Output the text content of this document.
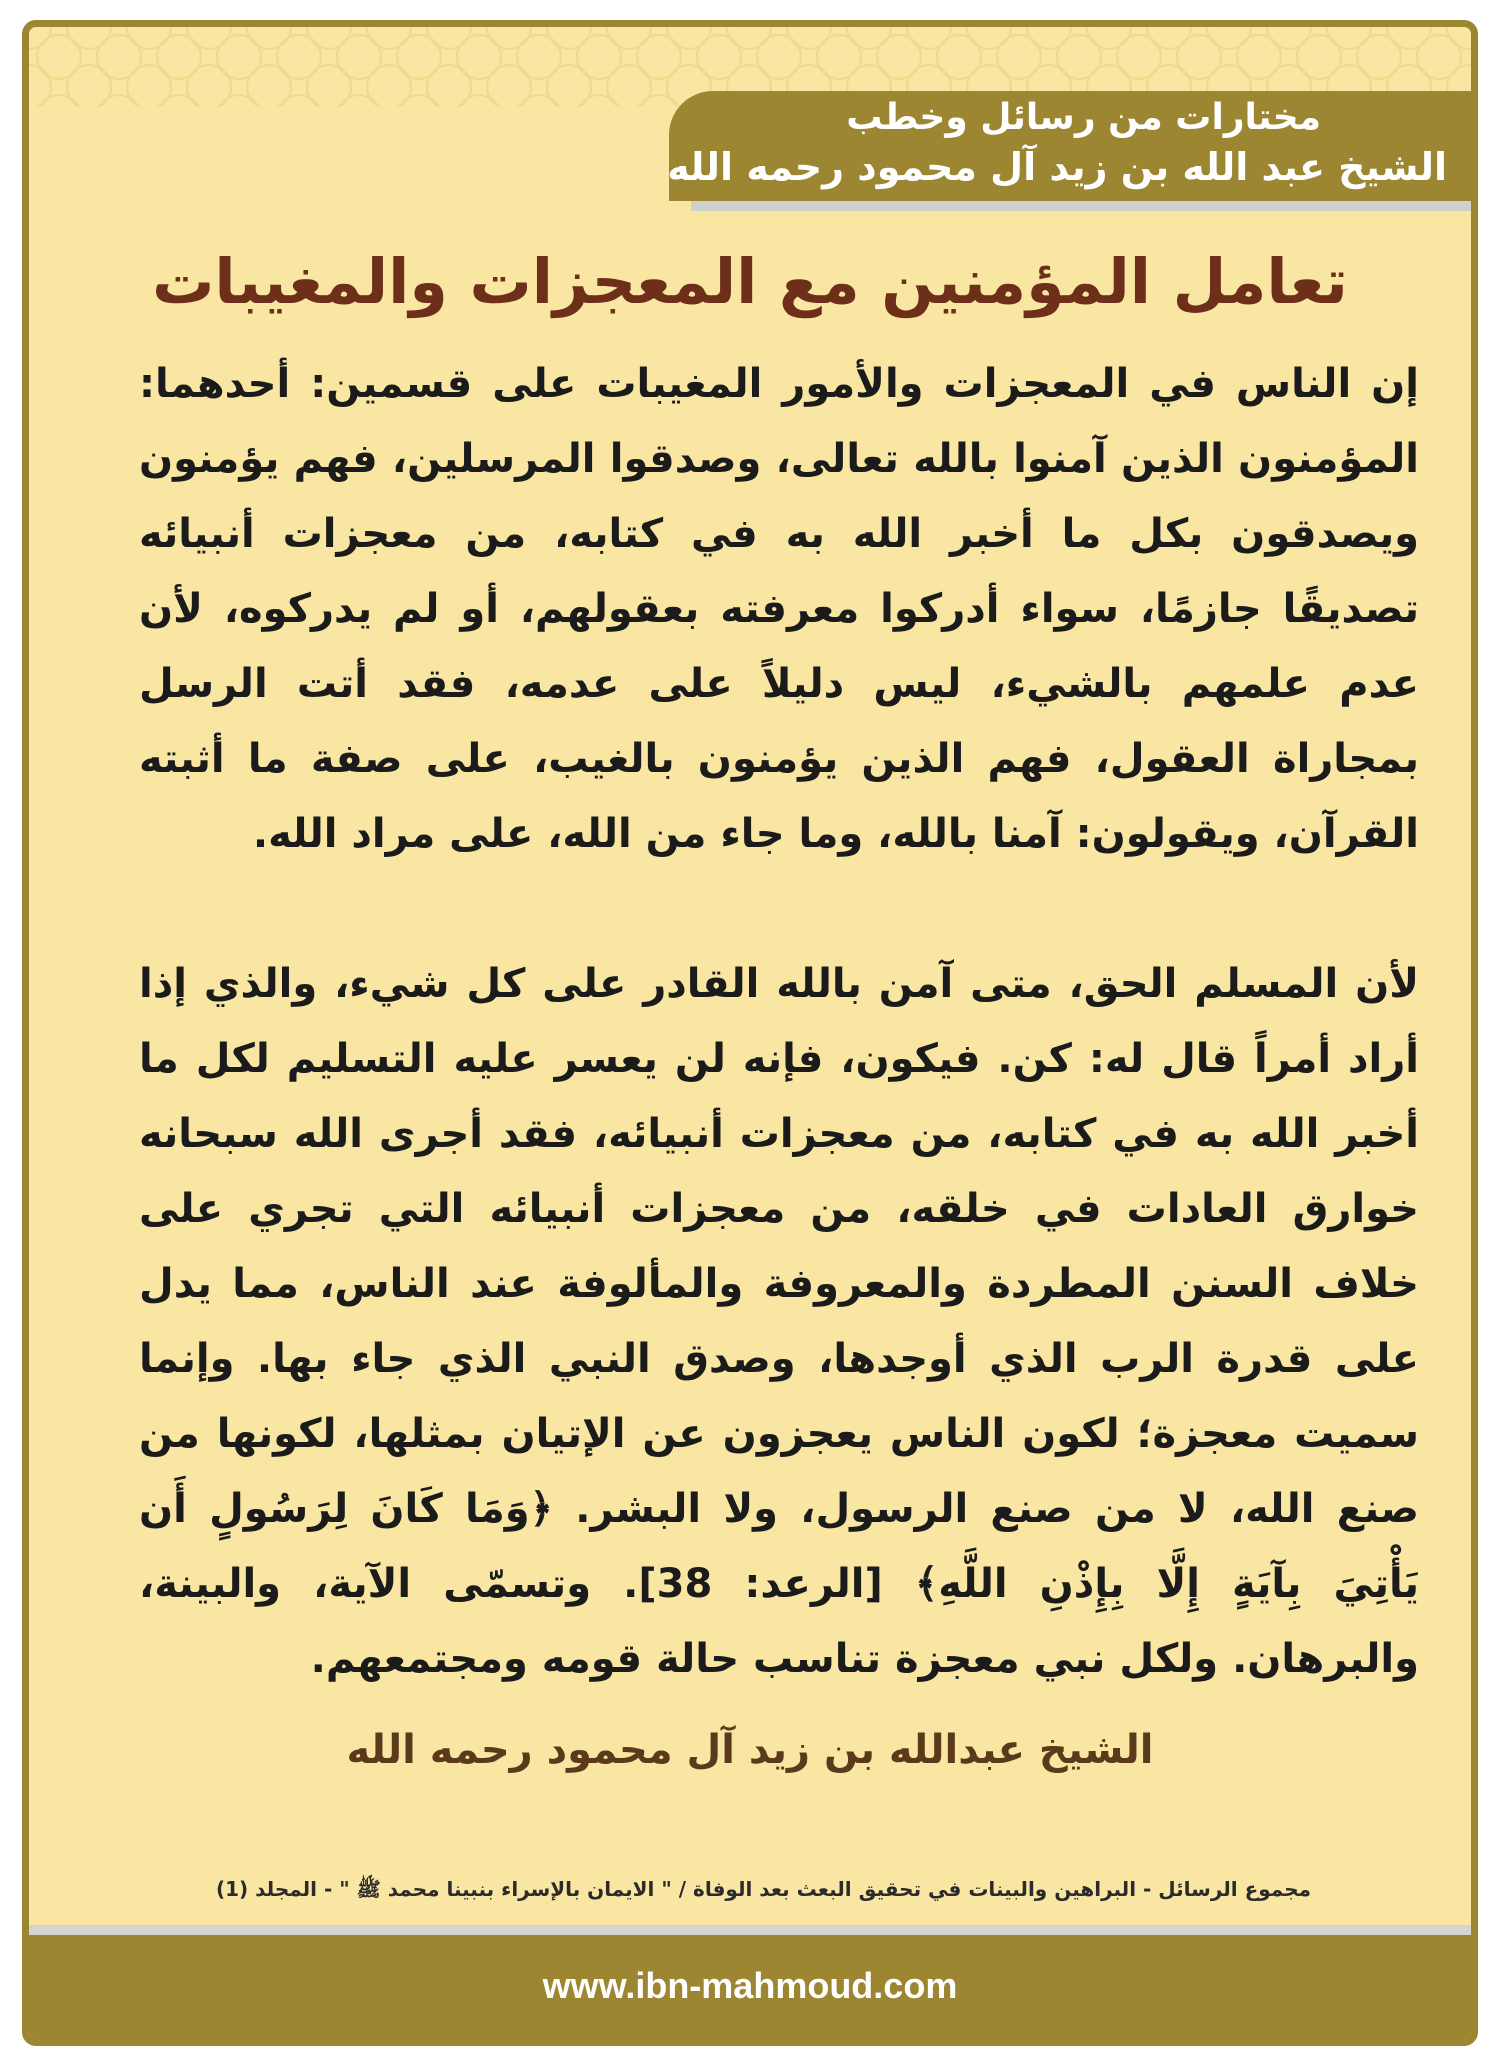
مختارات من رسائل وخطب
الشيخ عبد الله بن زيد آل محمود رحمه الله
تعامل المؤمنين مع المعجزات والمغيبات

إن الناس في المعجزات والأمور المغيبات على قسمين: أحدهما: المؤمنون الذين آمنوا بالله تعالى، وصدقوا المرسلين، فهم يؤمنون ويصدقون بكل ما أخبر الله به في كتابه، من معجزات أنبيائه تصديقًا جازمًا، سواء أدركوا معرفته بعقولهم، أو لم يدركوه، لأن عدم علمهم بالشيء، ليس دليلاً على عدمه، فقد أتت الرسل بمجاراة العقول، فهم الذين يؤمنون بالغيب، على صفة ما أثبته القرآن، ويقولون: آمنا بالله، وما جاء من الله، على مراد الله.

لأن المسلم الحق، متى آمن بالله القادر على كل شيء، والذي إذا أراد أمراً قال له: كن. فيكون، فإنه لن يعسر عليه التسليم لكل ما أخبر الله به في كتابه، من معجزات أنبيائه، فقد أجرى الله سبحانه خوارق العادات في خلقه، من معجزات أنبيائه التي تجري على خلاف السنن المطردة والمعروفة والمألوفة عند الناس، مما يدل على قدرة الرب الذي أوجدها، وصدق النبي الذي جاء بها. وإنما سميت معجزة؛ لكون الناس يعجزون عن الإتيان بمثلها، لكونها من صنع الله، لا من صنع الرسول، ولا البشر. ﴿وَمَا كَانَ لِرَسُولٍ أَن يَأْتِيَ بِآيَةٍ إِلَّا بِإِذْنِ اللَّهِ﴾ [الرعد: 38]. وتسمّى الآية، والبينة، والبرهان. ولكل نبي معجزة تناسب حالة قومه ومجتمعهم.

الشيخ عبدالله بن زيد آل محمود رحمه الله
مجموع الرسائل - البراهين والبينات في تحقيق البعث بعد الوفاة / " الايمان بالإسراء بنبينا محمد ﷺ " - المجلد (1)
www.ibn-mahmoud.com
